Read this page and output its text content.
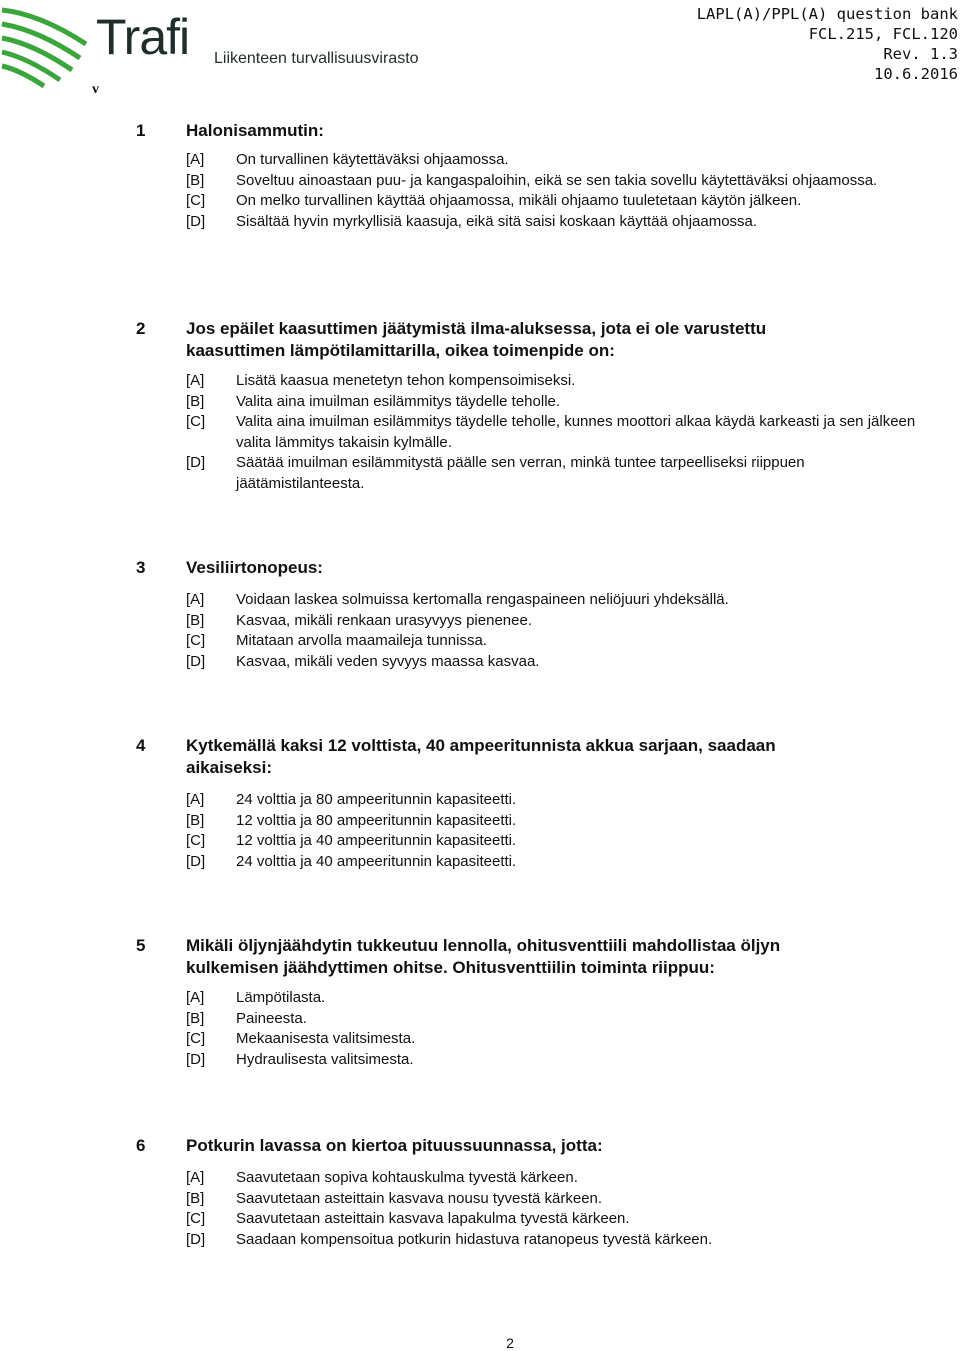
Trafi Liikenteen turvallisuusvirasto
v
LAPL(A)/PPL(A) question bank
FCL.215, FCL.120
Rev. 1.3
10.6.2016
1 Halonisammutin:
[A] On turvallinen käytettäväksi ohjaamossa.
[B] Soveltuu ainoastaan puu- ja kangaspaloihin, eikä se sen takia sovellu käytettäväksi ohjaamossa.
[C] On melko turvallinen käyttää ohjaamossa, mikäli ohjaamo tuuletetaan käytön jälkeen.
[D] Sisältää hyvin myrkyllisiä kaasuja, eikä sitä saisi koskaan käyttää ohjaamossa.
2 Jos epäilet kaasuttimen jäätymistä ilma-aluksessa, jota ei ole varustettu kaasuttimen lämpötilamittarilla, oikea toimenpide on:
[A] Lisätä kaasua menetetyn tehon kompensoimiseksi.
[B] Valita aina imuilman esilämmitys täydelle teholle.
[C] Valita aina imuilman esilämmitys täydelle teholle, kunnes moottori alkaa käydä karkeasti ja sen jälkeen valita lämmitys takaisin kylmälle.
[D] Säätää imuilman esilämmitystä päälle sen verran, minkä tuntee tarpeelliseksi riippuen jäätämistilanteesta.
3 Vesiliirtonopeus:
[A] Voidaan laskea solmuissa kertomalla rengaspaineen neliöjuuri yhdeksällä.
[B] Kasvaa, mikäli renkaan urasyvyys pienenee.
[C] Mitataan arvolla maamaileja tunnissa.
[D] Kasvaa, mikäli veden syvyys maassa kasvaa.
4 Kytkemällä kaksi 12 volttista, 40 ampeeritunnista akkua sarjaan, saadaan aikaiseksi:
[A] 24 volttia ja 80 ampeeritunnin kapasiteetti.
[B] 12 volttia ja 80 ampeeritunnin kapasiteetti.
[C] 12 volttia ja 40 ampeeritunnin kapasiteetti.
[D] 24 volttia ja 40 ampeeritunnin kapasiteetti.
5 Mikäli öljynjäähdytin tukkeutuu lennolla, ohitusventtiili mahdollistaa öljyn kulkemisen jäähdyttimen ohitse. Ohitusventtiilin toiminta riippuu:
[A] Lämpötilasta.
[B] Paineesta.
[C] Mekaanisesta valitsimesta.
[D] Hydraulisesta valitsimesta.
6 Potkurin lavassa on kiertoa pituussuunnassa, jotta:
[A] Saavutetaan sopiva kohtauskulma tyvestä kärkeen.
[B] Saavutetaan asteittain kasvava nousu tyvestä kärkeen.
[C] Saavutetaan asteittain kasvava lapakulma tyvestä kärkeen.
[D] Saadaan kompensoitua potkurin hidastuva ratanopeus tyvestä kärkeen.
2
